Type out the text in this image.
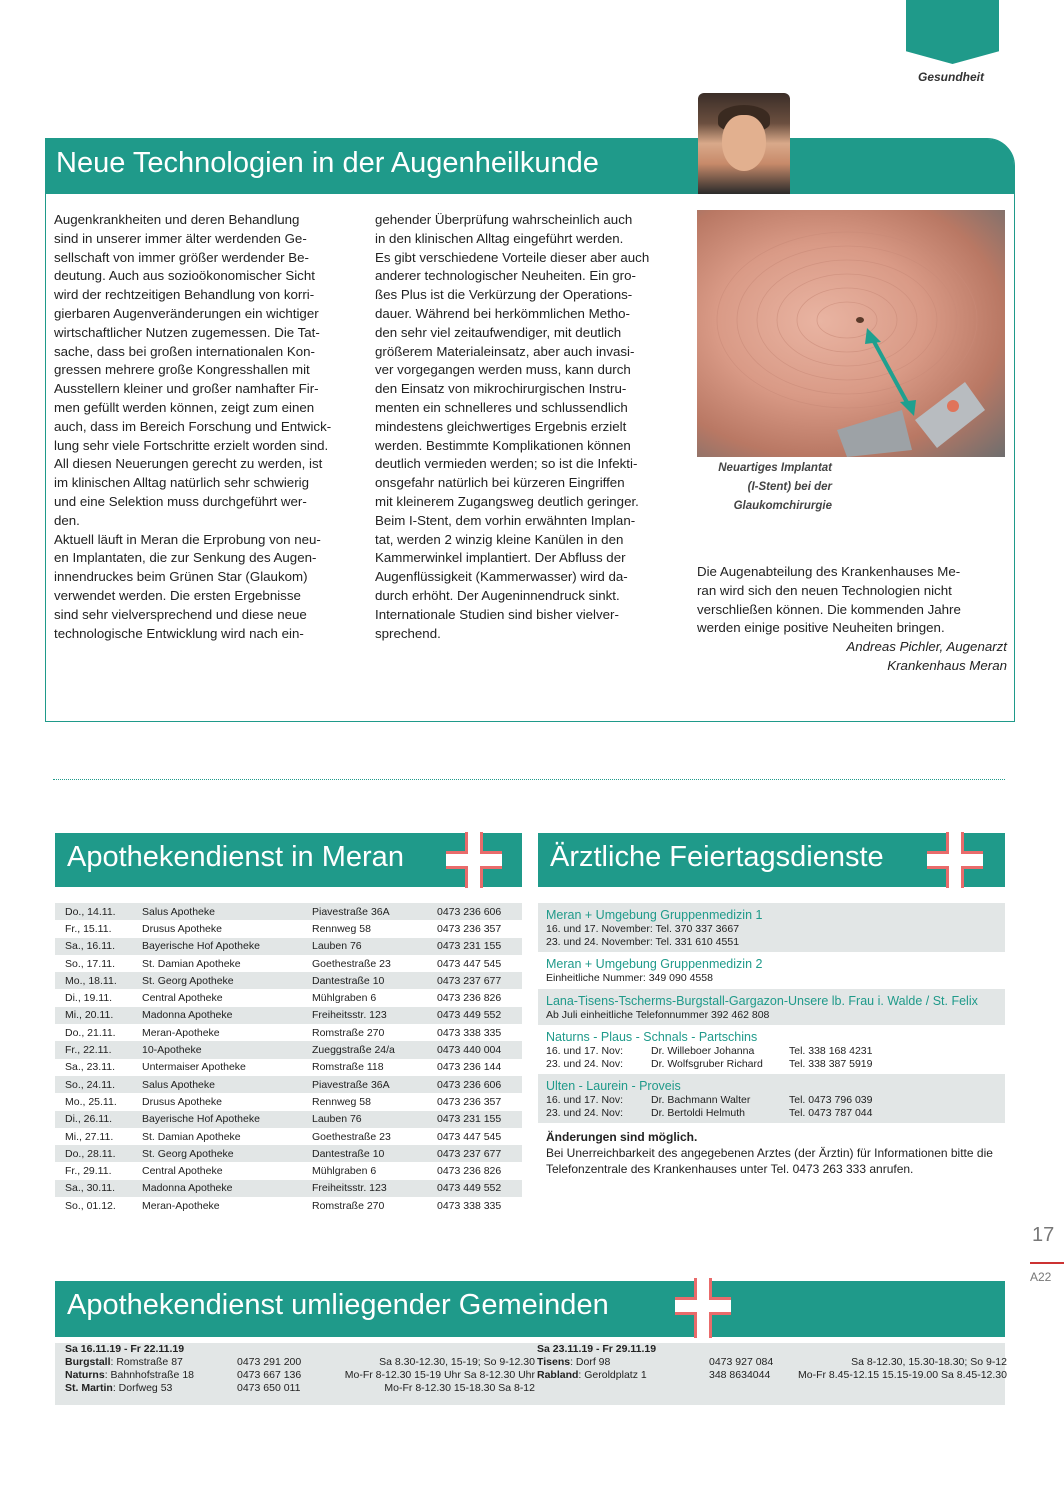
Gesundheit
Neue Technologien in der Augenheilkunde
Augenkrankheiten und deren Behandlung
sind in unserer immer älter werdenden Ge-
sellschaft von immer größer werdender Be-
deutung. Auch aus sozioökonomischer Sicht
wird der rechtzeitigen Behandlung von korri-
gierbaren Augenveränderungen ein wichtiger
wirtschaftlicher Nutzen zugemessen. Die Tat-
sache, dass bei großen internationalen Kon-
gressen mehrere große Kongresshallen mit
Ausstellern kleiner und großer namhafter Fir-
men gefüllt werden können, zeigt zum einen
auch, dass im Bereich Forschung und Entwick-
lung sehr viele Fortschritte erzielt worden sind.
All diesen Neuerungen gerecht zu werden, ist
im klinischen Alltag natürlich sehr schwierig
und eine Selektion muss durchgeführt wer-
den.
Aktuell läuft in Meran die Erprobung von neu-
en Implantaten, die zur Senkung des Augen-
innendruckes beim Grünen Star (Glaukom)
verwendet werden. Die ersten Ergebnisse
sind sehr vielversprechend und diese neue
technologische Entwicklung wird nach ein-
gehender Überprüfung wahrscheinlich auch
in den klinischen Alltag eingeführt werden.
Es gibt verschiedene Vorteile dieser aber auch
anderer technologischer Neuheiten. Ein gro-
ßes Plus ist die Verkürzung der Operations-
dauer. Während bei herkömmlichen Metho-
den sehr viel zeitaufwendiger, mit deutlich
größerem Materialeinsatz, aber auch invasi-
ver vorgegangen werden muss, kann durch
den Einsatz von mikrochirurgischen Instru-
menten ein schnelleres und schlussendlich
mindestens gleichwertiges Ergebnis erzielt
werden. Bestimmte Komplikationen können
deutlich vermieden werden; so ist die Infekti-
onsgefahr natürlich bei kürzeren Eingriffen
mit kleinerem Zugangsweg deutlich geringer.
Beim I-Stent, dem vorhin erwähnten Implan-
tat, werden 2 winzig kleine Kanülen in den
Kammerwinkel implantiert. Der Abfluss der
Augenflüssigkeit (Kammerwasser) wird da-
durch erhöht. Der Augeninnendruck sinkt.
Internationale Studien sind bisher vielver-
sprechend.
Neuartiges Implantat
(I-Stent) bei der
Glaukomchirurgie
Die Augenabteilung des Krankenhauses Me-
ran wird sich den neuen Technologien nicht
verschließen können. Die kommenden Jahre
werden einige positive Neuheiten bringen.
Andreas Pichler, Augenarzt
Krankenhaus Meran
Apothekendienst in Meran
Do., 14.11.	Salus Apotheke	Piavestraße 36A	0473 236 606
Fr., 15.11.	Drusus Apotheke	Rennweg 58	0473 236 357
Sa., 16.11.	Bayerische Hof Apotheke	Lauben 76	0473 231 155
So., 17.11.	St. Damian Apotheke	Goethestraße 23	0473 447 545
Mo., 18.11.	St. Georg Apotheke	Dantestraße 10	0473 237 677
Di., 19.11.	Central Apotheke	Mühlgraben 6	0473 236 826
Mi., 20.11.	Madonna Apotheke	Freiheitsstr. 123	0473 449 552
Do., 21.11.	Meran-Apotheke	Romstraße 270	0473 338 335
Fr., 22.11.	10-Apotheke	Zueggstraße 24/a	0473 440 004
Sa., 23.11.	Untermaiser Apotheke	Romstraße 118	0473 236 144
So., 24.11.	Salus Apotheke	Piavestraße 36A	0473 236 606
Mo., 25.11.	Drusus Apotheke	Rennweg 58	0473 236 357
Di., 26.11.	Bayerische Hof Apotheke	Lauben 76	0473 231 155
Mi., 27.11.	St. Damian Apotheke	Goethestraße 23	0473 447 545
Do., 28.11.	St. Georg Apotheke	Dantestraße 10	0473 237 677
Fr., 29.11.	Central Apotheke	Mühlgraben 6	0473 236 826
Sa., 30.11.	Madonna Apotheke	Freiheitsstr. 123	0473 449 552
So., 01.12.	Meran-Apotheke	Romstraße 270	0473 338 335
Ärztliche Feiertagsdienste
Meran + Umgebung Gruppenmedizin 1
16. und 17. November: Tel. 370 337 3667
23. und 24. November: Tel. 331 610 4551
Meran + Umgebung Gruppenmedizin 2
Einheitliche Nummer: 349 090 4558
Lana-Tisens-Tscherms-Burgstall-Gargazon-Unsere lb. Frau i. Walde / St. Felix
Ab Juli einheitliche Telefonnummer 392 462 808
Naturns - Plaus - Schnals - Partschins
16. und 17. Nov:	Dr. Willeboer Johanna	Tel. 338 168 4231
23. und 24. Nov:	Dr. Wolfsgruber Richard	Tel. 338 387 5919
Ulten - Laurein - Proveis
16. und 17. Nov:	Dr. Bachmann Walter	Tel. 0473 796 039
23. und 24. Nov:	Dr. Bertoldi Helmuth	Tel. 0473 787 044
Änderungen sind möglich.
Bei Unerreichbarkeit des angegebenen Arztes (der Ärztin) für Informationen bitte die Telefonzentrale des Krankenhauses unter Tel. 0473 263 333 anrufen.
17
A22
Apothekendienst umliegender Gemeinden
Sa 16.11.19 - Fr 22.11.19
Burgstall: Romstraße 87	0473 291 200	Sa 8.30-12.30, 15-19; So 9-12.30
Naturns: Bahnhofstraße 18	0473 667 136	Mo-Fr 8-12.30 15-19 Uhr Sa 8-12.30 Uhr
St. Martin: Dorfweg 53	0473 650 011	Mo-Fr 8-12.30 15-18.30 Sa 8-12
Sa 23.11.19 - Fr 29.11.19
Tisens: Dorf 98	0473 927 084	Sa 8-12.30, 15.30-18.30; So 9-12
Rabland: Geroldplatz 1	348 8634044	Mo-Fr 8.45-12.15 15.15-19.00 Sa 8.45-12.30
